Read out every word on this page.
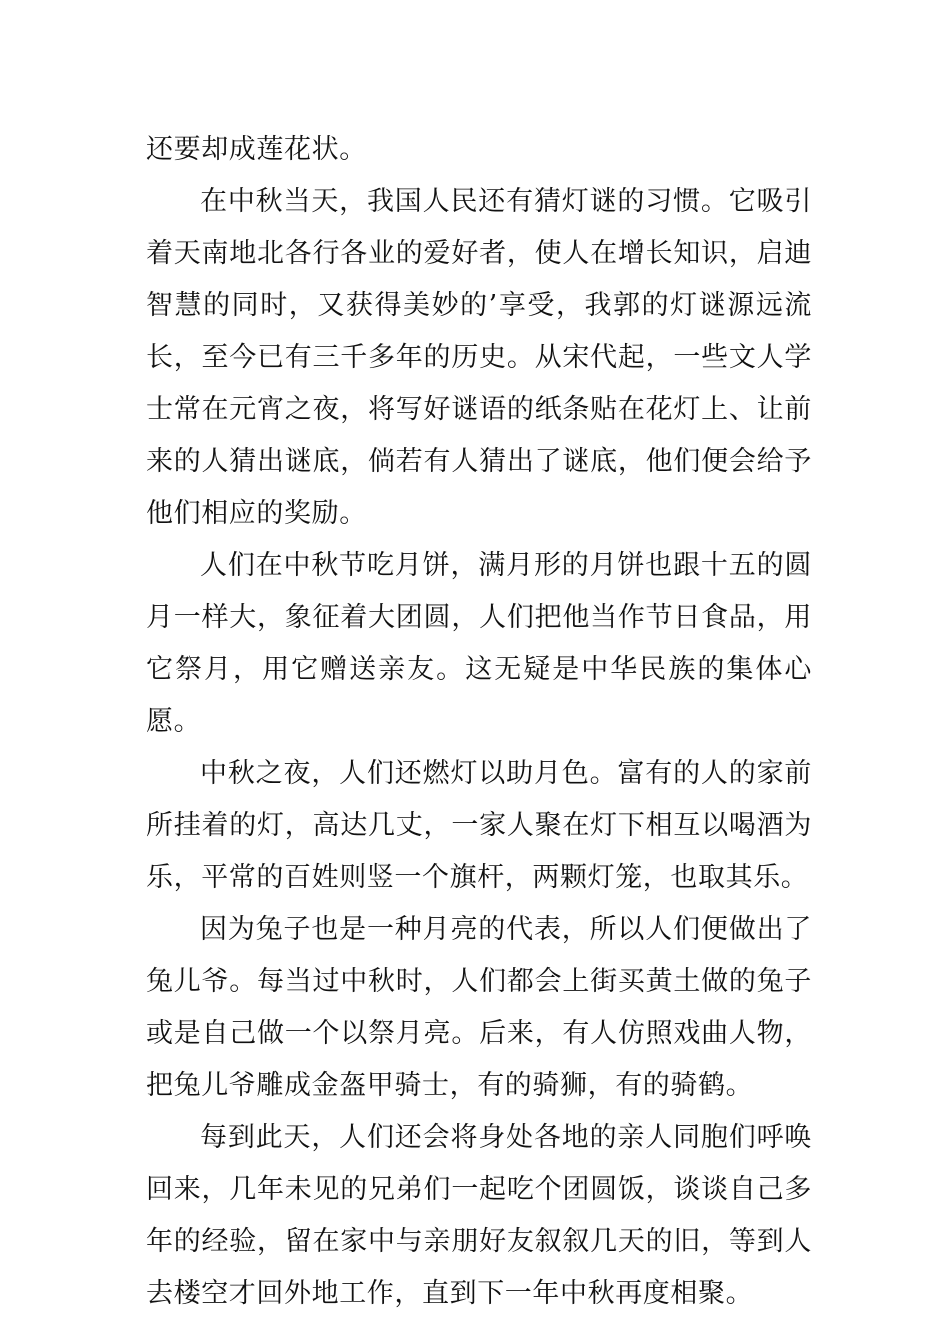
还要却成莲花状。

在中秋当天，我国人民还有猜灯谜的习惯。它吸引着天南地北各行各业的爱好者，使人在增长知识，启迪智慧的同时，又获得美妙的’享受，我郭的灯谜源远流长，至今已有三千多年的历史。从宋代起，一些文人学士常在元宵之夜，将写好谜语的纸条贴在花灯上、让前来的人猜出谜底，倘若有人猜出了谜底，他们便会给予他们相应的奖励。

人们在中秋节吃月饼，满月形的月饼也跟十五的圆月一样大，象征着大团圆，人们把他当作节日食品，用它祭月，用它赠送亲友。这无疑是中华民族的集体心愿。

中秋之夜，人们还燃灯以助月色。富有的人的家前所挂着的灯，高达几丈，一家人聚在灯下相互以喝酒为乐，平常的百姓则竖一个旗杆，两颗灯笼，也取其乐。

因为兔子也是一种月亮的代表，所以人们便做出了兔儿爷。每当过中秋时，人们都会上街买黄土做的兔子或是自己做一个以祭月亮。后来，有人仿照戏曲人物，把兔儿爷雕成金盔甲骑士，有的骑狮，有的骑鹤。

每到此天，人们还会将身处各地的亲人同胞们呼唤回来，几年未见的兄弟们一起吃个团圆饭，谈谈自己多年的经验，留在家中与亲朋好友叙叙几天的旧，等到人去楼空才回外地工作，直到下一年中秋再度相聚。
